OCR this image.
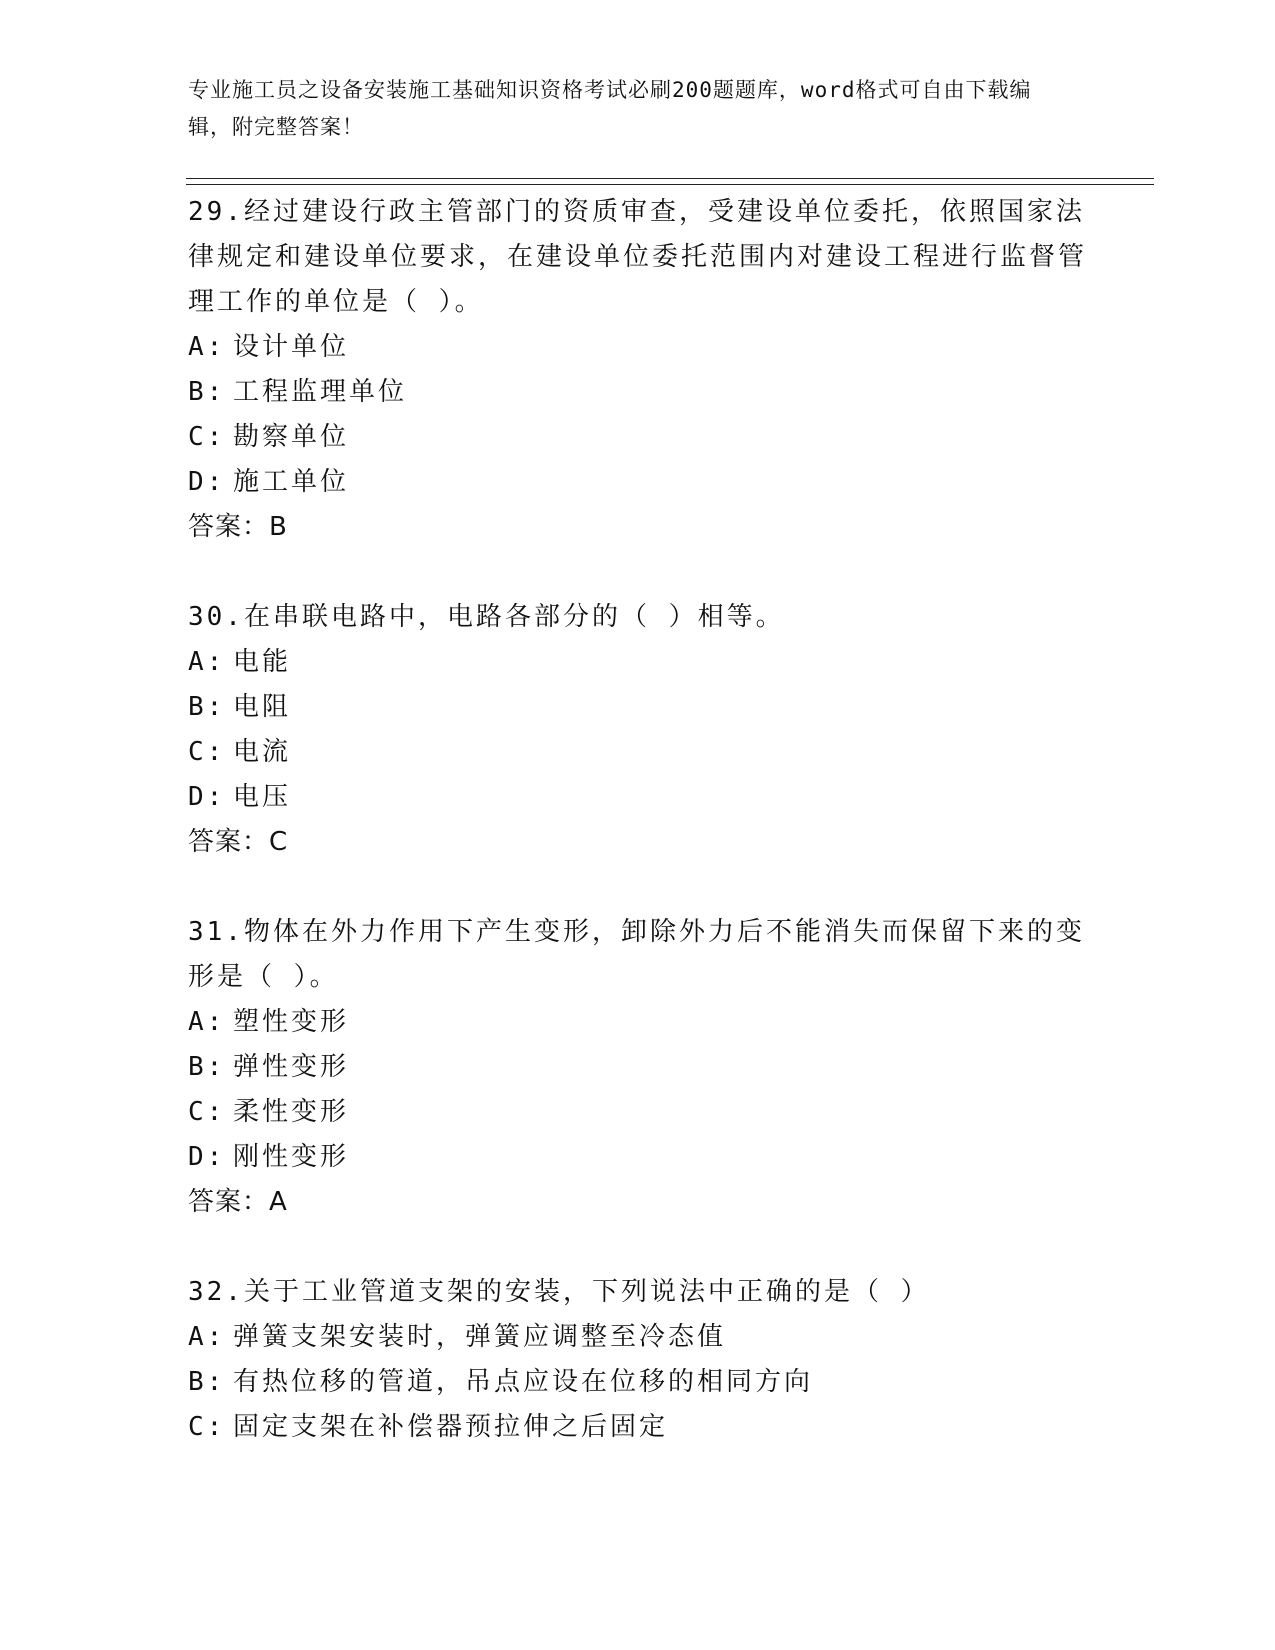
专业施工员之设备安装施工基础知识资格考试必刷200题题库，word格式可自由下载编辑，附完整答案！
29.经过建设行政主管部门的资质审查，受建设单位委托，依照国家法律规定和建设单位要求，在建设单位委托范围内对建设工程进行监督管理工作的单位是（ ）。
A: 设计单位
B: 工程监理单位
C: 勘察单位
D: 施工单位
答案：B
30.在串联电路中，电路各部分的（ ）相等。
A: 电能
B: 电阻
C: 电流
D: 电压
答案：C
31.物体在外力作用下产生变形，卸除外力后不能消失而保留下来的变形是（ ）。
A: 塑性变形
B: 弹性变形
C: 柔性变形
D: 刚性变形
答案：A
32.关于工业管道支架的安装，下列说法中正确的是（ ）
A: 弹簧支架安装时，弹簧应调整至冷态值
B: 有热位移的管道，吊点应设在位移的相同方向
C: 固定支架在补偿器预拉伸之后固定
